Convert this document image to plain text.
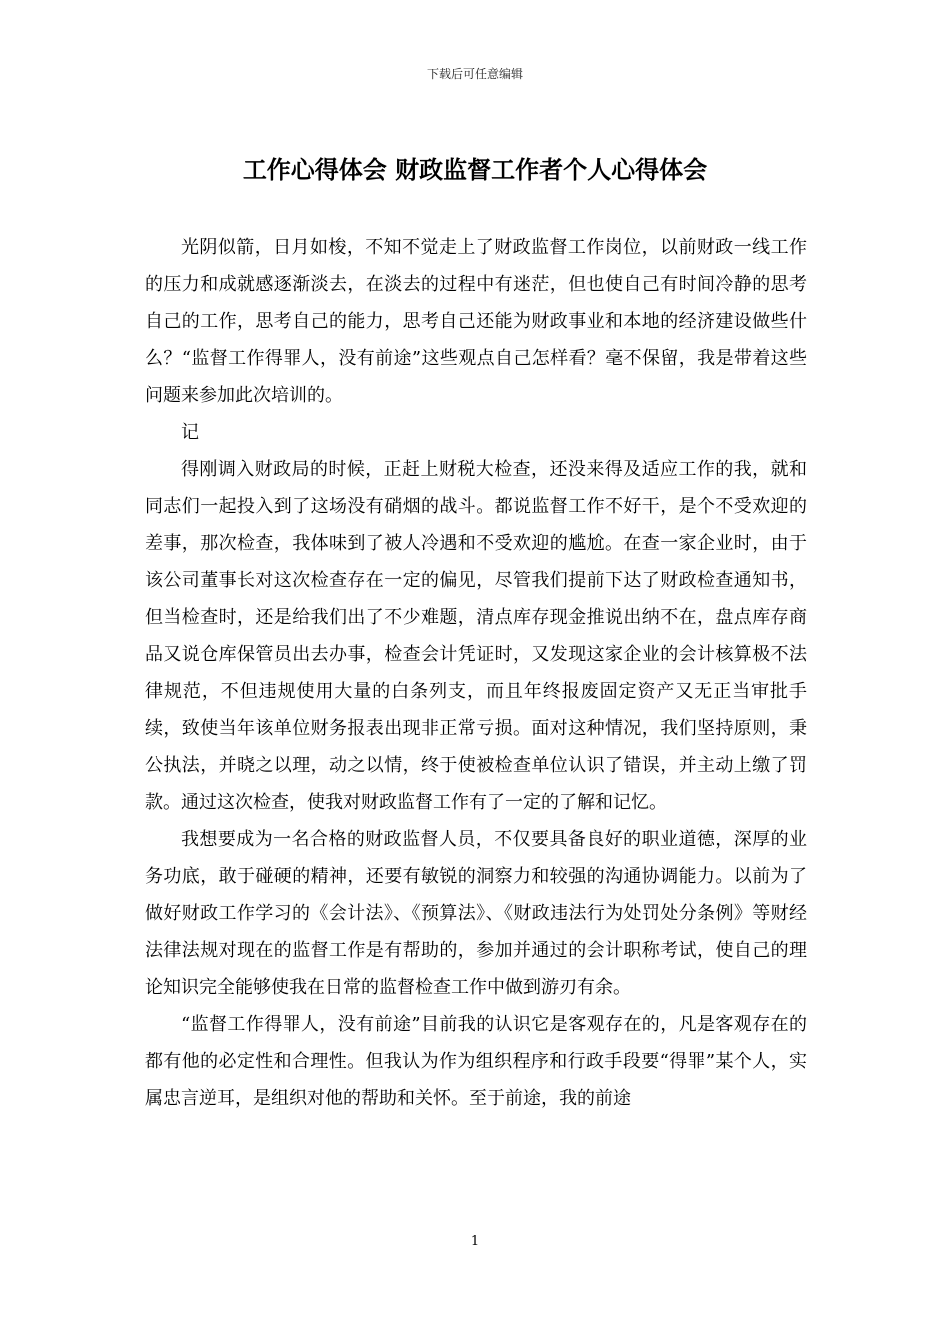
下载后可任意编辑
工作心得体会 财政监督工作者个人心得体会

光阴似箭，日月如梭，不知不觉走上了财政监督工作岗位，以前财政一线工作的压力和成就感逐渐淡去，在淡去的过程中有迷茫，但也使自己有时间冷静的思考自己的工作，思考自己的能力，思考自己还能为财政事业和本地的经济建设做些什么？“监督工作得罪人，没有前途”这些观点自己怎样看？毫不保留，我是带着这些问题来参加此次培训的。

记

得刚调入财政局的时候，正赶上财税大检查，还没来得及适应工作的我，就和同志们一起投入到了这场没有硝烟的战斗。都说监督工作不好干，是个不受欢迎的差事，那次检查，我体味到了被人冷遇和不受欢迎的尴尬。在查一家企业时，由于该公司董事长对这次检查存在一定的偏见，尽管我们提前下达了财政检查通知书，但当检查时，还是给我们出了不少难题，清点库存现金推说出纳不在，盘点库存商品又说仓库保管员出去办事，检查会计凭证时，又发现这家企业的会计核算极不法律规范，不但违规使用大量的白条列支，而且年终报废固定资产又无正当审批手续，致使当年该单位财务报表出现非正常亏损。面对这种情况，我们坚持原则，秉公执法，并晓之以理，动之以情，终于使被检查单位认识了错误，并主动上缴了罚款。通过这次检查，使我对财政监督工作有了一定的了解和记忆。

我想要成为一名合格的财政监督人员，不仅要具备良好的职业道德，深厚的业务功底，敢于碰硬的精神，还要有敏锐的洞察力和较强的沟通协调能力。以前为了做好财政工作学习的《会计法》、《预算法》、《财政违法行为处罚处分条例》等财经法律法规对现在的监督工作是有帮助的，参加并通过的会计职称考试，使自己的理论知识完全能够使我在日常的监督检查工作中做到游刃有余。

“监督工作得罪人，没有前途”目前我的认识它是客观存在的，凡是客观存在的都有他的必定性和合理性。但我认为作为组织程序和行政手段要“得罪”某个人，实属忠言逆耳，是组织对他的帮助和关怀。至于前途，我的前途

1
